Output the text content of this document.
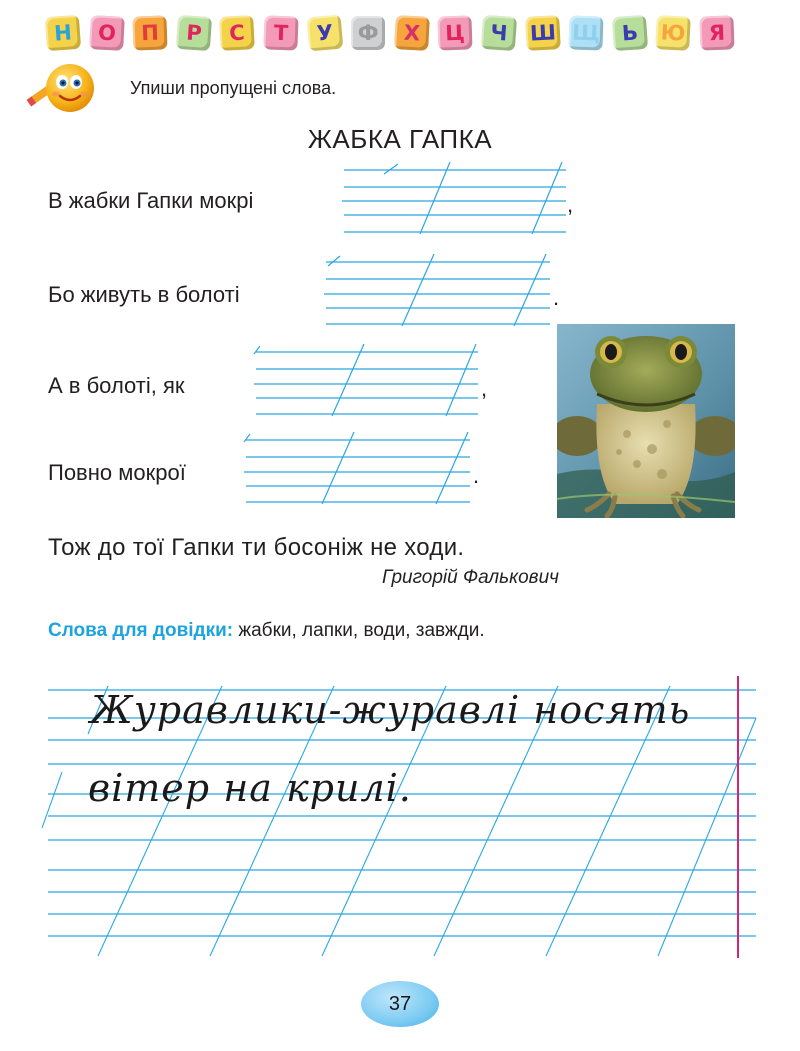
Н	О	П	Р	С	Т	У	Ф	Х	Ц	Ч Ш Щ Ь	Ю	Я
Упиши пропущені слова.
ЖАБКА ГАПКА
В жабки Гапки мокрі	,
Бо живуть в болоті	.
А в болоті, як	,
Повно мокрої	.
Тож до тої Гапки ти босоніж не ходи.
Григорій Фалькович
Слова для довідки: жабки, лапки, води, завжди.
Журавлики-журавлі носять
вітер на крилі.
37
